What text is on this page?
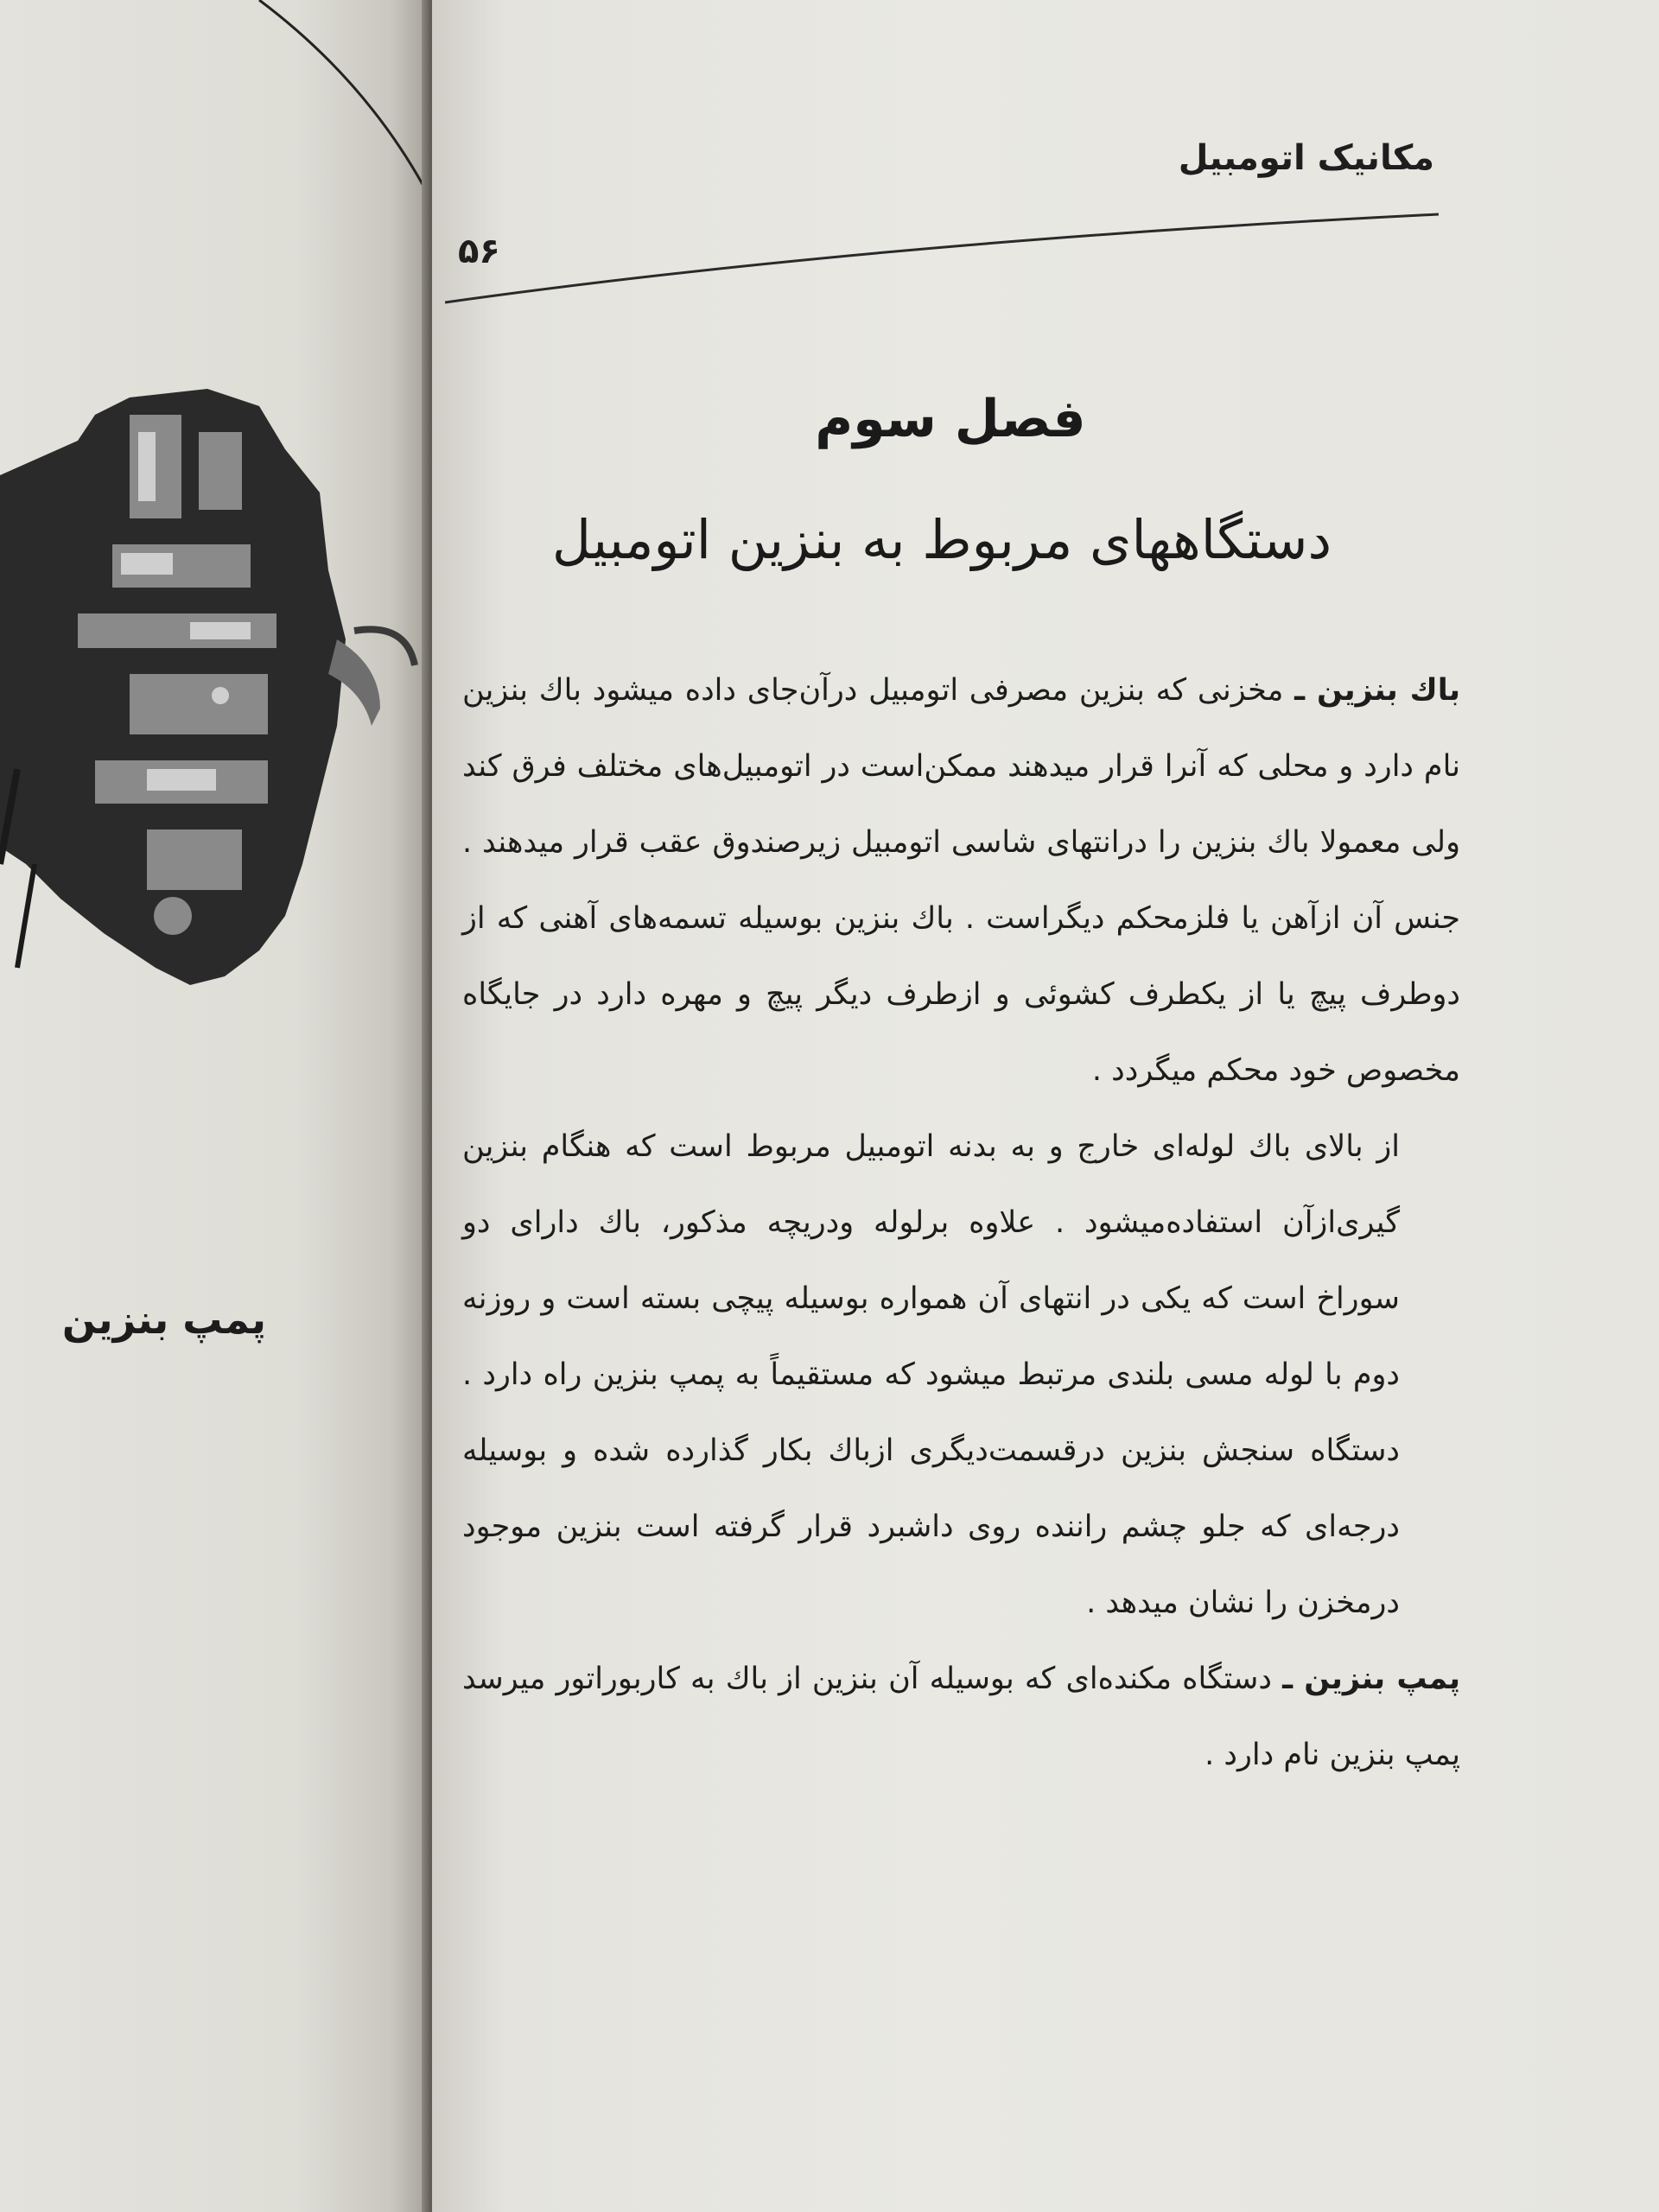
پمپ بنزین
مکانیک اتومبیل
۵۶
فصل سوم
دستگاههای مربوط به بنزین اتومبیل

باك بنزین ـ مخزنی که بنزین مصرفی اتومبیل درآن‌جای داده میشود باك بنزین نام دارد و محلی که آنرا قرار میدهند ممکن‌است در اتومبیل‌های مختلف فرق کند ولی معمولا باك بنزین را درانتهای شاسی اتومبیل زیرصندوق عقب قرار میدهند . جنس آن ازآهن یا فلزمحکم دیگراست . باك بنزین بوسیله تسمه‌های آهنی که از دوطرف پیچ یا از یکطرف کشوئی و ازطرف دیگر پیچ و مهره دارد در جایگاه مخصوص خود محکم میگردد .

از بالای باك لوله‌ای خارج و به بدنه اتومبیل مربوط است که هنگام بنزین گیری‌ازآن استفاده‌میشود . علاوه برلوله ودریچه مذکور، باك دارای دو سوراخ است که یکی در انتهای آن همواره بوسیله پیچی بسته است و روزنه دوم با لوله مسی بلندی مرتبط میشود که مستقیماً به پمپ بنزین راه دارد . دستگاه سنجش بنزین درقسمت‌دیگری ازباك بکار گذارده شده و بوسیله درجه‌ای که جلو چشم راننده روی داشبرد قرار گرفته است بنزین موجود درمخزن را نشان میدهد .

پمپ بنزین ـ دستگاه مکنده‌ای که بوسیله آن بنزین از باك به کاربوراتور میرسد پمپ بنزین نام دارد .
